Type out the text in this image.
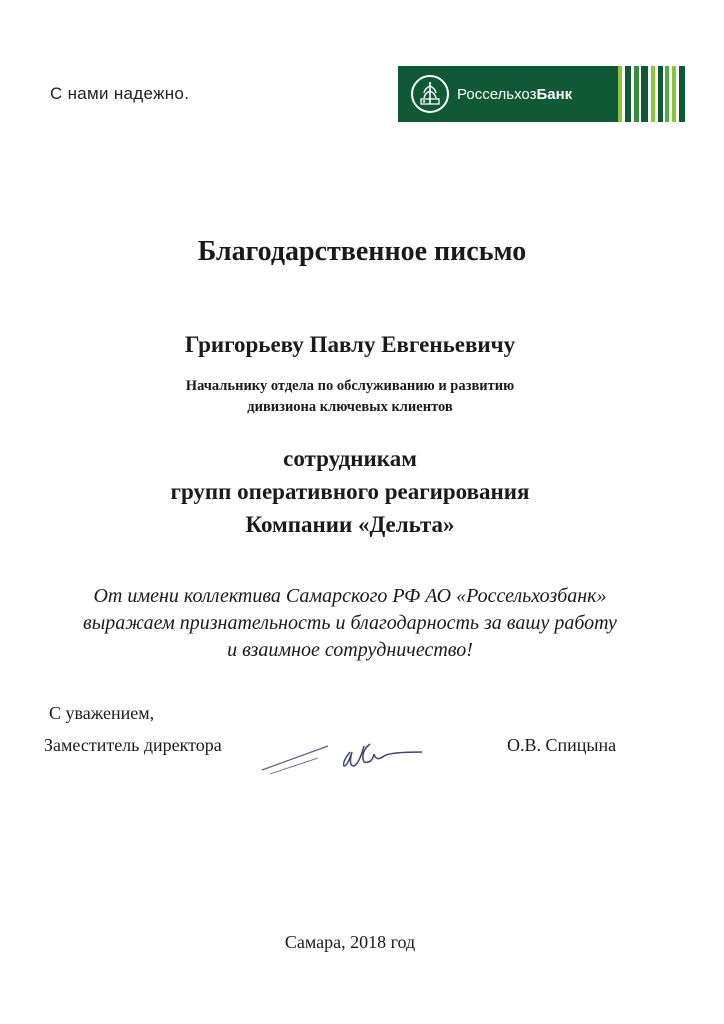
С нами надежно.	РоссельхозБанк
Благодарственное письмо
Григорьеву Павлу Евгеньевичу
Начальнику отдела по обслуживанию и развитию
дивизиона ключевых клиентов
сотрудникам
групп оперативного реагирования
Компании «Дельта»
От имени коллектива Самарского РФ АО «Россельхозбанк»
выражаем признательность и благодарность за вашу работу
и взаимное сотрудничество!
С уважением,
Заместитель директора	О.В. Спицына
Самара, 2018 год
